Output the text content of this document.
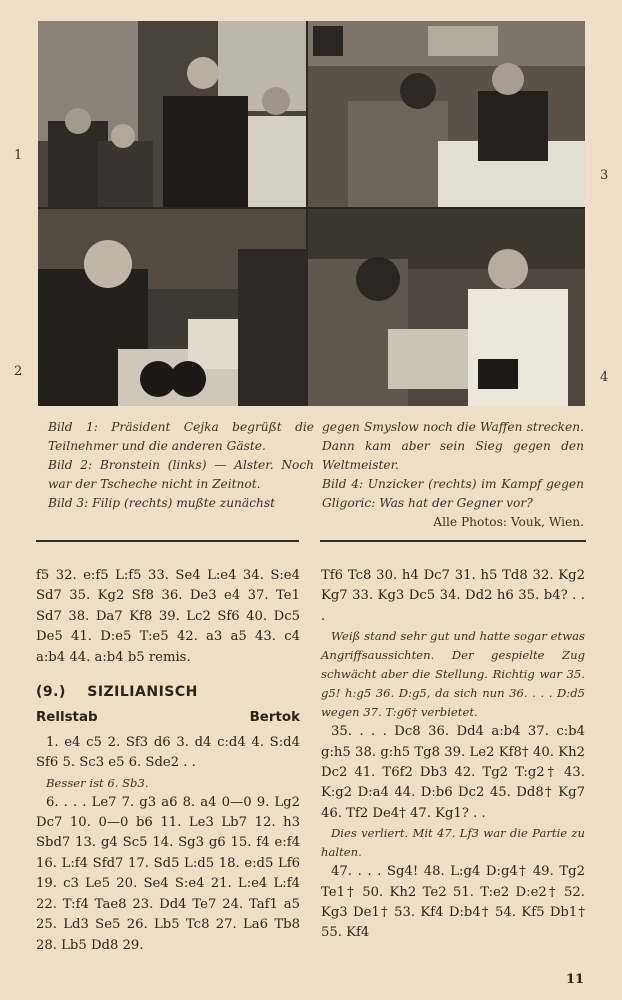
1
2
3
4

Bild 1: Präsident Cejka begrüßt die Teilnehmer und die anderen Gäste.

Bild 2: Bronstein (links) — Alster. Noch war der Tscheche nicht in Zeitnot.

Bild 3: Filip (rechts) mußte zunächst

gegen Smyslow noch die Waffen strecken. Dann kam aber sein Sieg gegen den Weltmeister.

Bild 4: Unzicker (rechts) im Kampf gegen Gligoric: Was hat der Gegner vor?

Alle Photos: Vouk, Wien.

f5 32. e:f5 L:f5 33. Se4 L:e4 34. S:e4 Sd7 35. Kg2 Sf8 36. De3 e4 37. Te1 Sd7 38. Da7 Kf8 39. Lc2 Sf6 40. Dc5 De5 41. D:e5 T:e5 42. a3 a5 43. c4 a:b4 44. a:b4 b5 remis.

(9.) SIZILIANISCH

Rellstab	Bertok

1. e4 c5 2. Sf3 d6 3. d4 c:d4 4. S:d4 Sf6 5. Sc3 e5 6. Sde2 . .

Besser ist 6. Sb3.

6. . . . Le7 7. g3 a6 8. a4 0—0 9. Lg2 Dc7 10. 0—0 b6 11. Le3 Lb7 12. h3 Sbd7 13. g4 Sc5 14. Sg3 g6 15. f4 e:f4 16. L:f4 Sfd7 17. Sd5 L:d5 18. e:d5 Lf6 19. c3 Le5 20. Se4 S:e4 21. L:e4 L:f4 22. T:f4 Tae8 23. Dd4 Te7 24. Taf1 a5 25. Ld3 Se5 26. Lb5 Tc8 27. La6 Tb8 28. Lb5 Dd8 29.

Tf6 Tc8 30. h4 Dc7 31. h5 Td8 32. Kg2 Kg7 33. Kg3 Dc5 34. Dd2 h6 35. b4? . . .

Weiß stand sehr gut und hatte sogar etwas Angriffsaussichten. Der gespielte Zug schwächt aber die Stellung. Richtig war 35. g5! h:g5 36. D:g5, da sich nun 36. . . . D:d5 wegen 37. T:g6† verbietet.

35. . . . Dc8 36. Dd4 a:b4 37. c:b4 g:h5 38. g:h5 Tg8 39. Le2 Kf8† 40. Kh2 Dc2 41. T6f2 Db3 42. Tg2 T:g2† 43. K:g2 D:a4 44. D:b6 Dc2 45. Dd8† Kg7 46. Tf2 De4† 47. Kg1? . .

Dies verliert. Mit 47. Lf3 war die Partie zu halten.

47. . . . Sg4! 48. L:g4 D:g4† 49. Tg2 Te1† 50. Kh2 Te2 51. T:e2 D:e2† 52. Kg3 De1† 53. Kf4 D:b4† 54. Kf5 Db1† 55. Kf4

11
